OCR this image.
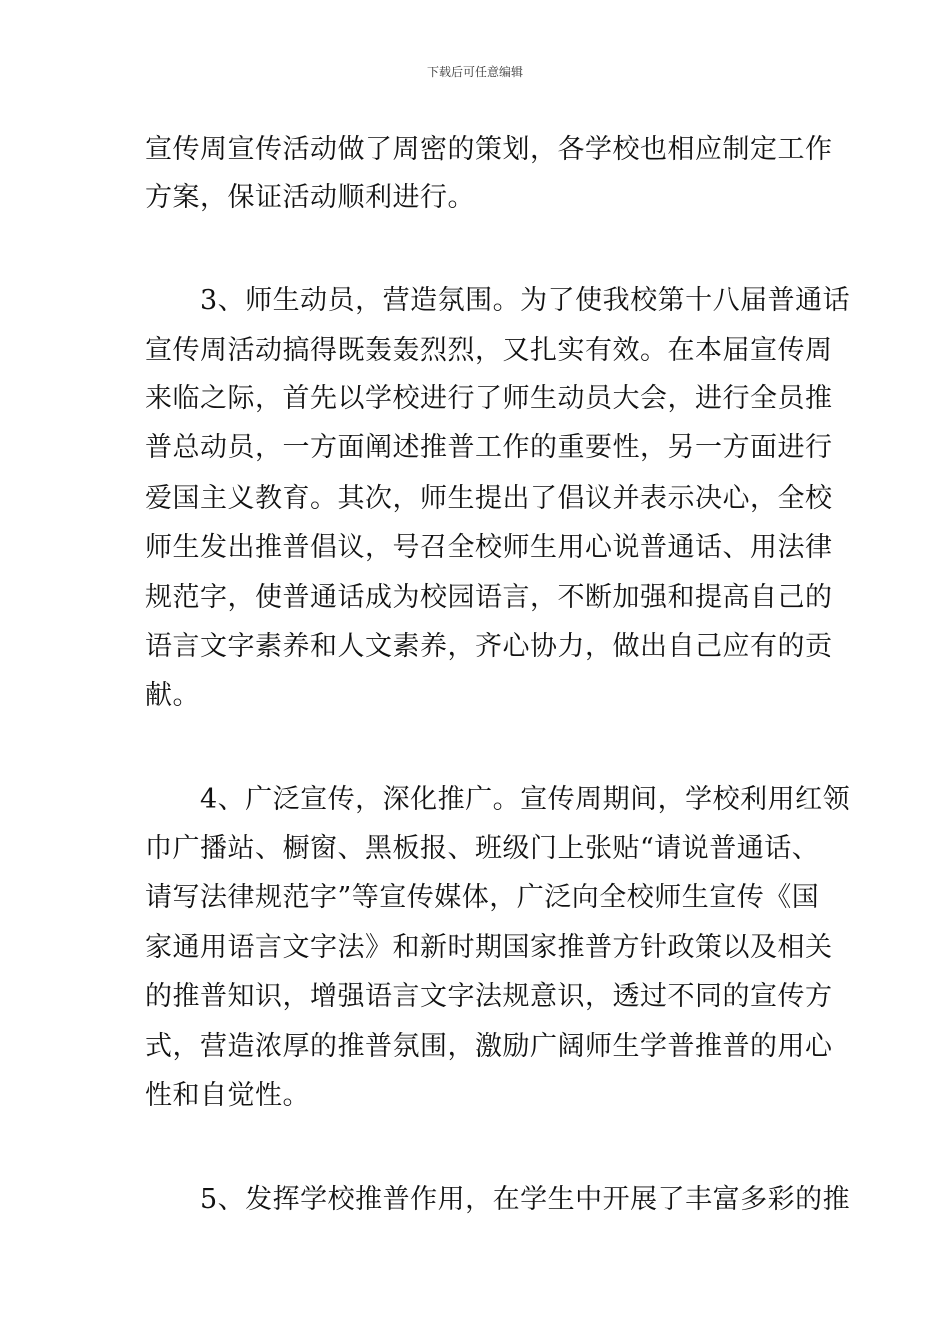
下载后可任意编辑
宣传周宣传活动做了周密的策划，各学校也相应制定工作
方案，保证活动顺利进行。
　　3、师生动员，营造氛围。为了使我校第十八届普通话
宣传周活动搞得既轰轰烈烈，又扎实有效。在本届宣传周
来临之际，首先以学校进行了师生动员大会，进行全员推
普总动员，一方面阐述推普工作的重要性，另一方面进行
爱国主义教育。其次，师生提出了倡议并表示决心，全校
师生发出推普倡议，号召全校师生用心说普通话、用法律
规范字，使普通话成为校园语言，不断加强和提高自己的
语言文字素养和人文素养，齐心协力，做出自己应有的贡
献。
　　4、广泛宣传，深化推广。宣传周期间，学校利用红领
巾广播站、橱窗、黑板报、班级门上张贴“请说普通话、
请写法律规范字”等宣传媒体，广泛向全校师生宣传《国
家通用语言文字法》和新时期国家推普方针政策以及相关
的推普知识，增强语言文字法规意识，透过不同的宣传方
式，营造浓厚的推普氛围，激励广阔师生学普推普的用心
性和自觉性。
　　5、发挥学校推普作用，在学生中开展了丰富多彩的推
